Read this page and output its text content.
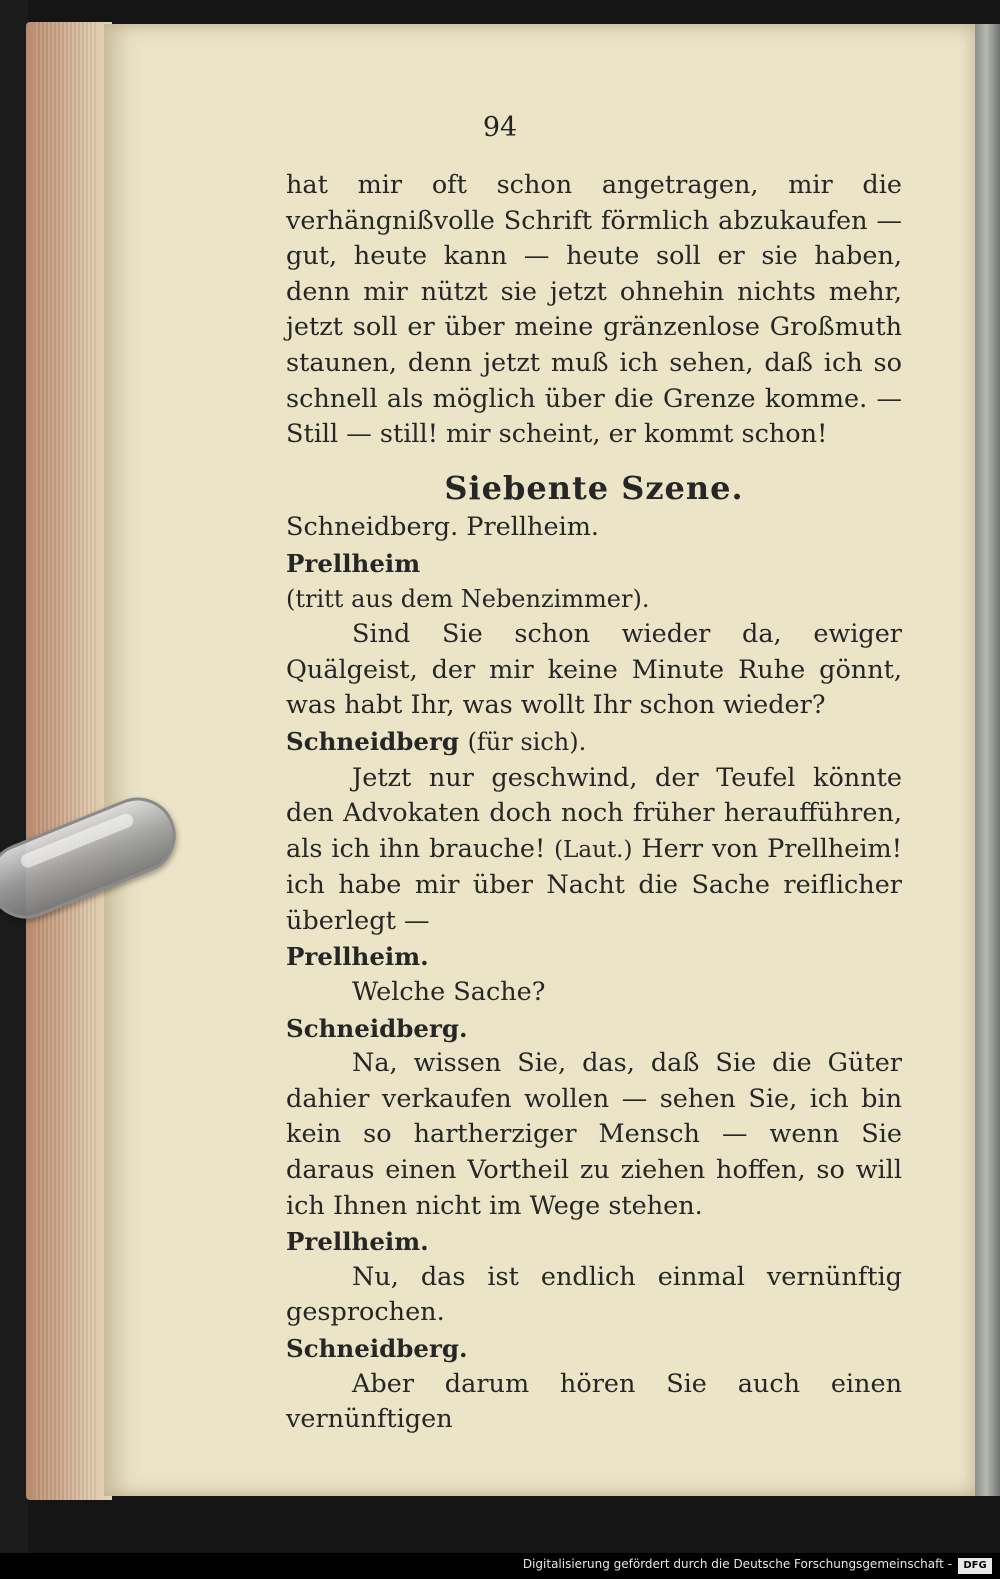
94

hat mir oft schon angetragen, mir die verhängnißvolle Schrift förmlich abzukaufen — gut, heute kann — heute soll er sie haben, denn mir nützt sie jetzt ohnehin nichts mehr, jetzt soll er über meine gränzenlose Großmuth staunen, denn jetzt muß ich sehen, daß ich so schnell als möglich über die Grenze komme. — Still — still! mir scheint, er kommt schon!

Siebente Szene.

Schneidberg. Prellheim.

Prellheim

(tritt aus dem Nebenzimmer).

Sind Sie schon wieder da, ewiger Quälgeist, der mir keine Minute Ruhe gönnt, was habt Ihr, was wollt Ihr schon wieder?

Schneidberg (für sich).

Jetzt nur geschwind, der Teufel könnte den Advokaten doch noch früher heraufführen, als ich ihn brauche! (Laut.) Herr von Prellheim! ich habe mir über Nacht die Sache reiflicher überlegt —

Prellheim.

Welche Sache?

Schneidberg.

Na, wissen Sie, das, daß Sie die Güter dahier verkaufen wollen — sehen Sie, ich bin kein so hartherziger Mensch — wenn Sie daraus einen Vortheil zu ziehen hoffen, so will ich Ihnen nicht im Wege stehen.

Prellheim.

Nu, das ist endlich einmal vernünftig gesprochen.

Schneidberg.

Aber darum hören Sie auch einen vernünftigen

Digitalisierung gefördert durch die Deutsche Forschungsgemeinschaft -	DFG
